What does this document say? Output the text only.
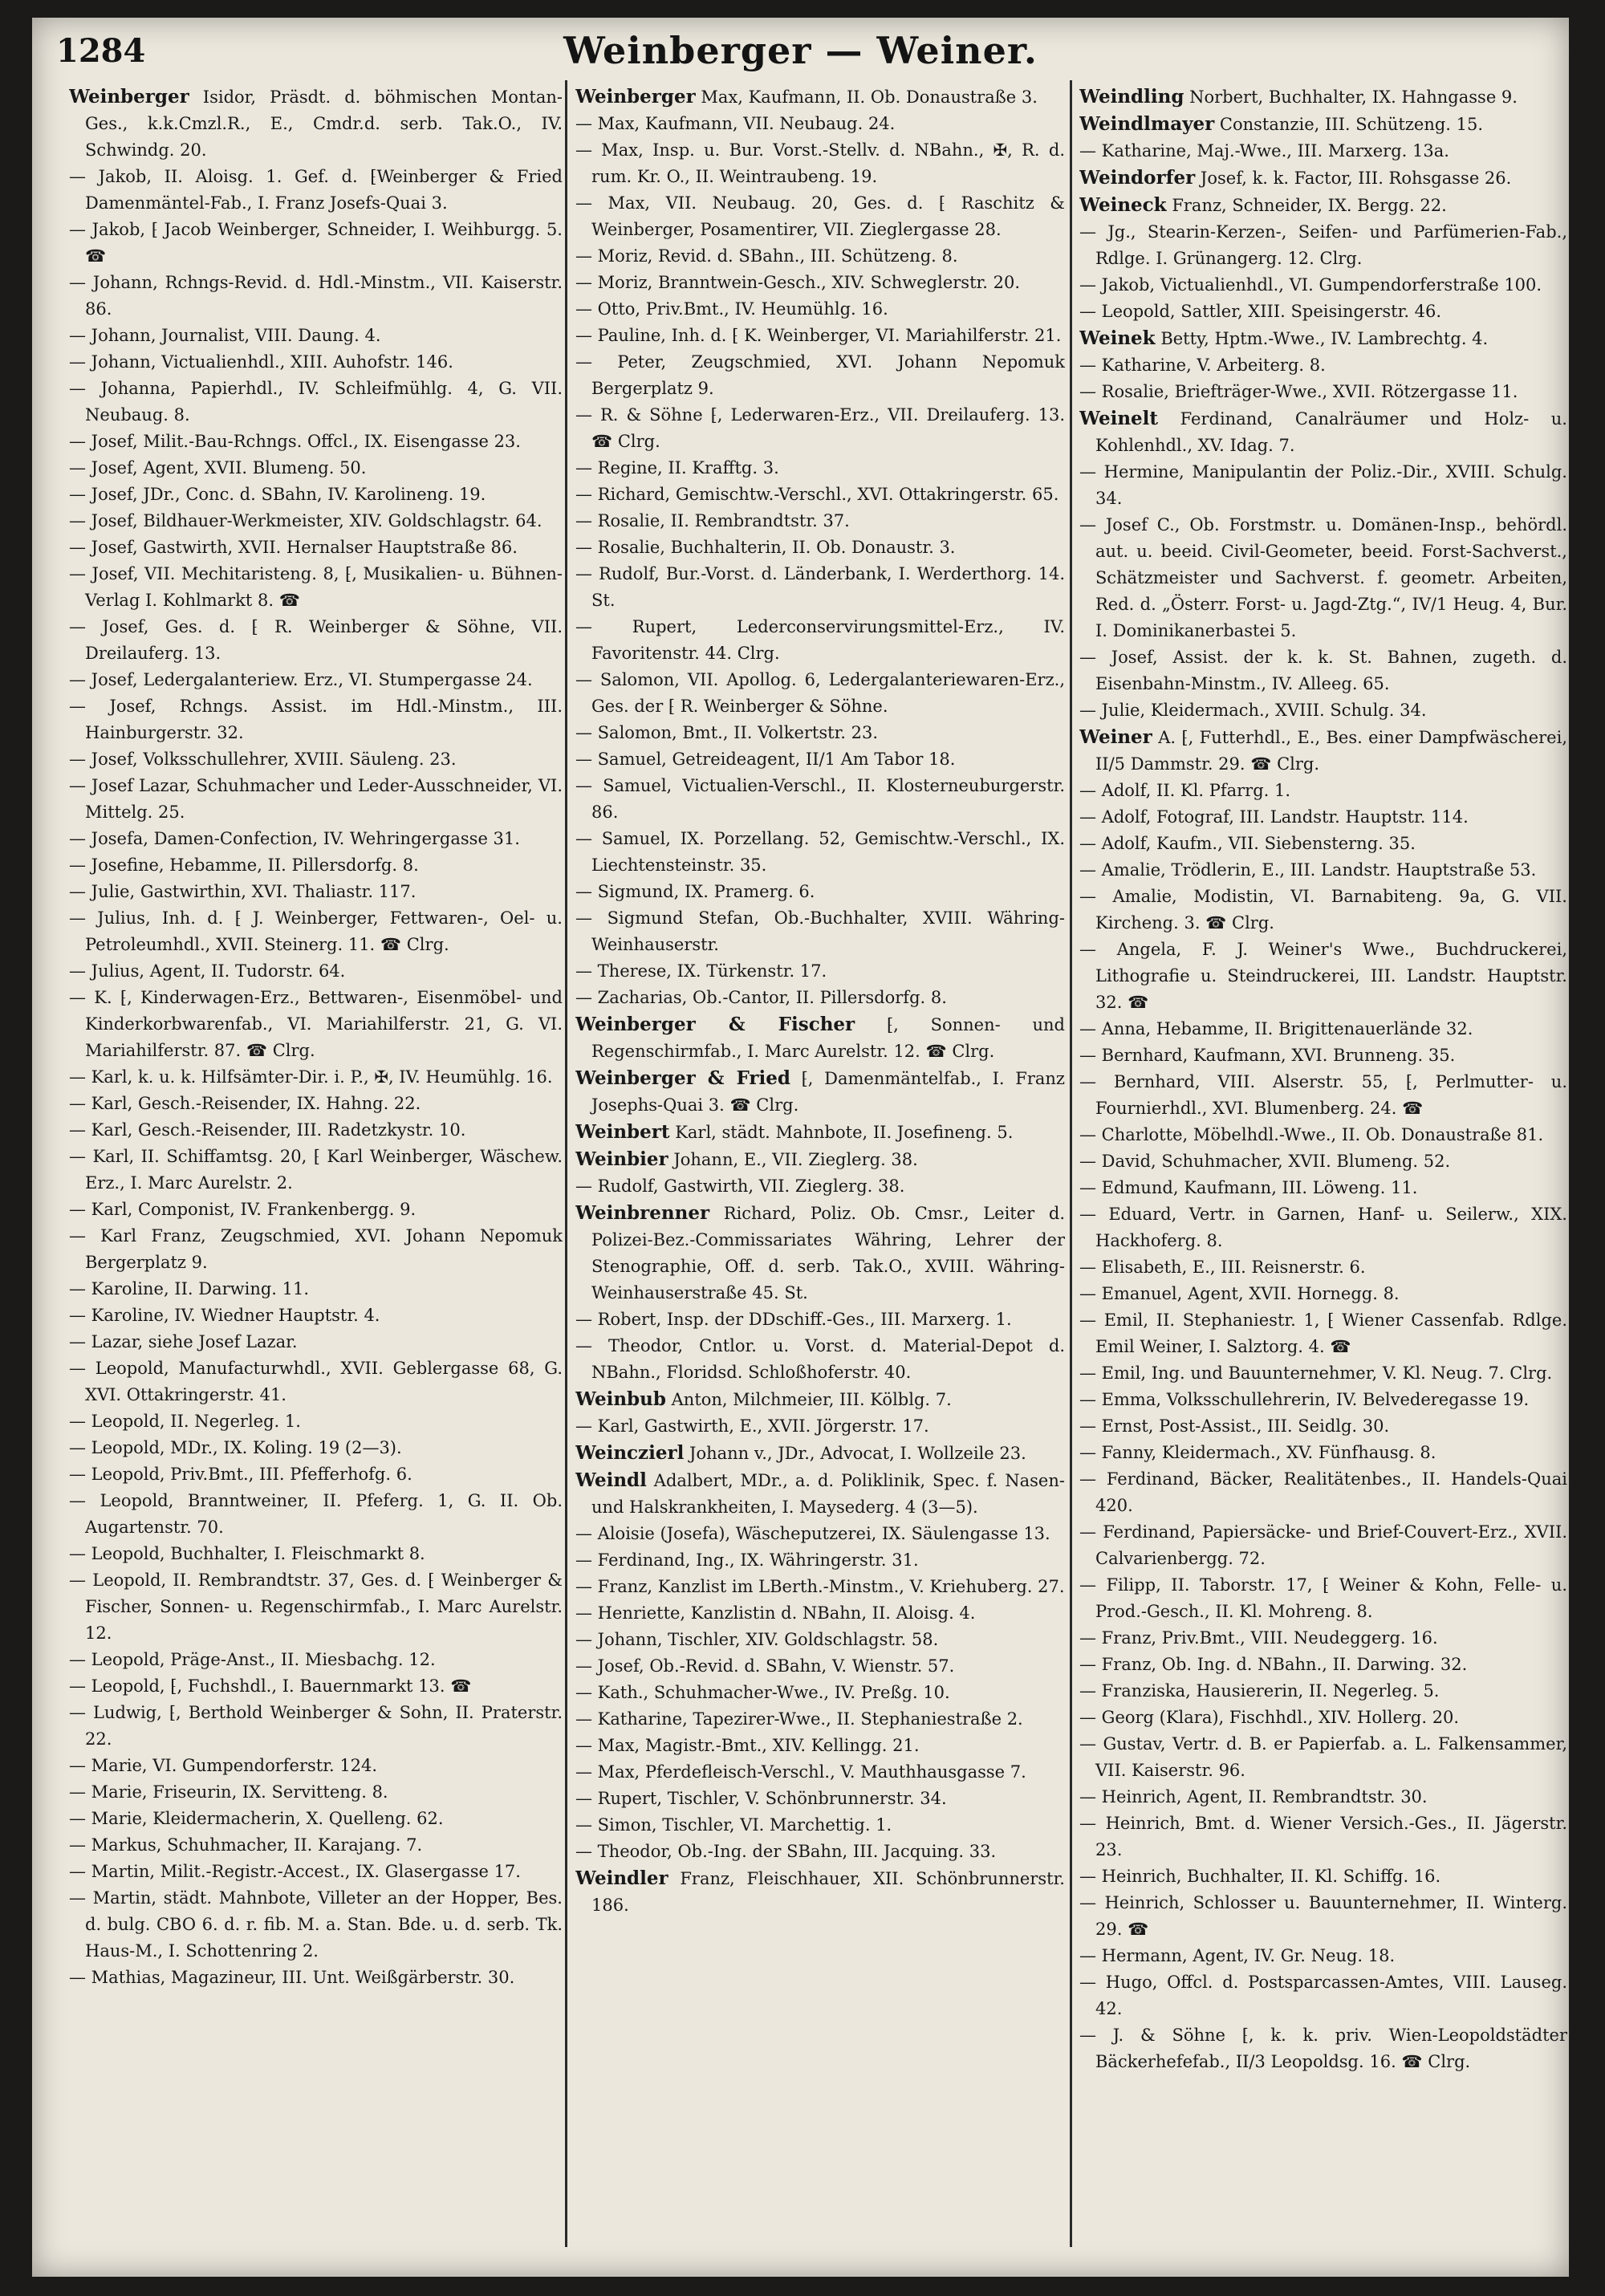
1284	Weinberger — Weiner.

Weinberger Isidor, Präsdt. d. böhmischen Montan-Ges., k.k.Cmzl.R., E., Cmdr.d. serb. Tak.O., IV. Schwindg. 20.

— Jakob, II. Aloisg. 1. Gef. d. ⁅Weinberger & Fried Damenmäntel-Fab., I. Franz Josefs-Quai 3.

— Jakob, ⁅ Jacob Weinberger, Schneider, I. Weihburgg. 5. ☎

— Johann, Rchngs-Revid. d. Hdl.-Minstm., VII. Kaiserstr. 86.

— Johann, Journalist, VIII. Daung. 4.

— Johann, Victualienhdl., XIII. Auhofstr. 146.

— Johanna, Papierhdl., IV. Schleifmühlg. 4, G. VII. Neubaug. 8.

— Josef, Milit.-Bau-Rchngs. Offcl., IX. Eisengasse 23.

— Josef, Agent, XVII. Blumeng. 50.

— Josef, JDr., Conc. d. SBahn, IV. Karolineng. 19.

— Josef, Bildhauer-Werkmeister, XIV. Goldschlagstr. 64.

— Josef, Gastwirth, XVII. Hernalser Hauptstraße 86.

— Josef, VII. Mechitaristeng. 8, ⁅, Musikalien- u. Bühnen-Verlag I. Kohlmarkt 8. ☎

— Josef, Ges. d. ⁅ R. Weinberger & Söhne, VII. Dreilauferg. 13.

— Josef, Ledergalanteriew. Erz., VI. Stumpergasse 24.

— Josef, Rchngs. Assist. im Hdl.-Minstm., III. Hainburgerstr. 32.

— Josef, Volksschullehrer, XVIII. Säuleng. 23.

— Josef Lazar, Schuhmacher und Leder-Ausschneider, VI. Mittelg. 25.

— Josefa, Damen-Confection, IV. Wehringergasse 31.

— Josefine, Hebamme, II. Pillersdorfg. 8.

— Julie, Gastwirthin, XVI. Thaliastr. 117.

— Julius, Inh. d. ⁅ J. Weinberger, Fettwaren-, Oel- u. Petroleumhdl., XVII. Steinerg. 11. ☎ Clrg.

— Julius, Agent, II. Tudorstr. 64.

— K. ⁅, Kinderwagen-Erz., Bettwaren-, Eisenmöbel- und Kinderkorbwarenfab., VI. Mariahilferstr. 21, G. VI. Mariahilferstr. 87. ☎ Clrg.

— Karl, k. u. k. Hilfsämter-Dir. i. P., ✠, IV. Heumühlg. 16.

— Karl, Gesch.-Reisender, IX. Hahng. 22.

— Karl, Gesch.-Reisender, III. Radetzkystr. 10.

— Karl, II. Schiffamtsg. 20, ⁅ Karl Weinberger, Wäschew. Erz., I. Marc Aurelstr. 2.

— Karl, Componist, IV. Frankenbergg. 9.

— Karl Franz, Zeugschmied, XVI. Johann Nepomuk Bergerplatz 9.

— Karoline, II. Darwing. 11.

— Karoline, IV. Wiedner Hauptstr. 4.

— Lazar, siehe Josef Lazar.

— Leopold, Manufacturwhdl., XVII. Geblergasse 68, G. XVI. Ottakringerstr. 41.

— Leopold, II. Negerleg. 1.

— Leopold, MDr., IX. Koling. 19 (2—3).

— Leopold, Priv.Bmt., III. Pfefferhofg. 6.

— Leopold, Branntweiner, II. Pfeferg. 1, G. II. Ob. Augartenstr. 70.

— Leopold, Buchhalter, I. Fleischmarkt 8.

— Leopold, II. Rembrandtstr. 37, Ges. d. ⁅ Weinberger & Fischer, Sonnen- u. Regenschirmfab., I. Marc Aurelstr. 12.

— Leopold, Präge-Anst., II. Miesbachg. 12.

— Leopold, ⁅, Fuchshdl., I. Bauernmarkt 13. ☎

— Ludwig, ⁅, Berthold Weinberger & Sohn, II. Praterstr. 22.

— Marie, VI. Gumpendorferstr. 124.

— Marie, Friseurin, IX. Servitteng. 8.

— Marie, Kleidermacherin, X. Quelleng. 62.

— Markus, Schuhmacher, II. Karajang. 7.

— Martin, Milit.-Registr.-Accest., IX. Glasergasse 17.

— Martin, städt. Mahnbote, Villeter an der Hopper, Bes. d. bulg. CBO 6. d. r. fib. M. a. Stan. Bde. u. d. serb. Tk. Haus-M., I. Schottenring 2.

— Mathias, Magazineur, III. Unt. Weißgärberstr. 30.

Weinberger Max, Kaufmann, II. Ob. Donaustraße 3.

— Max, Kaufmann, VII. Neubaug. 24.

— Max, Insp. u. Bur. Vorst.-Stellv. d. NBahn., ✠, R. d. rum. Kr. O., II. Weintraubeng. 19.

— Max, VII. Neubaug. 20, Ges. d. ⁅ Raschitz & Weinberger, Posamentirer, VII. Zieglergasse 28.

— Moriz, Revid. d. SBahn., III. Schützeng. 8.

— Moriz, Branntwein-Gesch., XIV. Schweglerstr. 20.

— Otto, Priv.Bmt., IV. Heumühlg. 16.

— Pauline, Inh. d. ⁅ K. Weinberger, VI. Mariahilferstr. 21.

— Peter, Zeugschmied, XVI. Johann Nepomuk Bergerplatz 9.

— R. & Söhne ⁅, Lederwaren-Erz., VII. Dreilauferg. 13. ☎ Clrg.

— Regine, II. Krafftg. 3.

— Richard, Gemischtw.-Verschl., XVI. Ottakringerstr. 65.

— Rosalie, II. Rembrandtstr. 37.

— Rosalie, Buchhalterin, II. Ob. Donaustr. 3.

— Rudolf, Bur.-Vorst. d. Länderbank, I. Werderthorg. 14. St.

— Rupert, Lederconservirungsmittel-Erz., IV. Favoritenstr. 44. Clrg.

— Salomon, VII. Apollog. 6, Ledergalanteriewaren-Erz., Ges. der ⁅ R. Weinberger & Söhne.

— Salomon, Bmt., II. Volkertstr. 23.

— Samuel, Getreideagent, II/1 Am Tabor 18.

— Samuel, Victualien-Verschl., II. Klosterneuburgerstr. 86.

— Samuel, IX. Porzellang. 52, Gemischtw.-Verschl., IX. Liechtensteinstr. 35.

— Sigmund, IX. Pramerg. 6.

— Sigmund Stefan, Ob.-Buchhalter, XVIII. Währing-Weinhauserstr.

— Therese, IX. Türkenstr. 17.

— Zacharias, Ob.-Cantor, II. Pillersdorfg. 8.

Weinberger & Fischer ⁅, Sonnen- und Regenschirmfab., I. Marc Aurelstr. 12. ☎ Clrg.

Weinberger & Fried ⁅, Damenmäntelfab., I. Franz Josephs-Quai 3. ☎ Clrg.

Weinbert Karl, städt. Mahnbote, II. Josefineng. 5.

Weinbier Johann, E., VII. Zieglerg. 38.

— Rudolf, Gastwirth, VII. Zieglerg. 38.

Weinbrenner Richard, Poliz. Ob. Cmsr., Leiter d. Polizei-Bez.-Commissariates Währing, Lehrer der Stenographie, Off. d. serb. Tak.O., XVIII. Währing-Weinhauserstraße 45. St.

— Robert, Insp. der DDschiff.-Ges., III. Marxerg. 1.

— Theodor, Cntlor. u. Vorst. d. Material-Depot d. NBahn., Floridsd. Schloßhoferstr. 40.

Weinbub Anton, Milchmeier, III. Kölblg. 7.

— Karl, Gastwirth, E., XVII. Jörgerstr. 17.

Weinczierl Johann v., JDr., Advocat, I. Wollzeile 23.

Weindl Adalbert, MDr., a. d. Poliklinik, Spec. f. Nasen- und Halskrankheiten, I. Maysederg. 4 (3—5).

— Aloisie (Josefa), Wäscheputzerei, IX. Säulengasse 13.

— Ferdinand, Ing., IX. Währingerstr. 31.

— Franz, Kanzlist im LBerth.-Minstm., V. Kriehuberg. 27.

— Henriette, Kanzlistin d. NBahn, II. Aloisg. 4.

— Johann, Tischler, XIV. Goldschlagstr. 58.

— Josef, Ob.-Revid. d. SBahn, V. Wienstr. 57.

— Kath., Schuhmacher-Wwe., IV. Preßg. 10.

— Katharine, Tapezirer-Wwe., II. Stephaniestraße 2.

— Max, Magistr.-Bmt., XIV. Kellingg. 21.

— Max, Pferdefleisch-Verschl., V. Mauthhausgasse 7.

— Rupert, Tischler, V. Schönbrunnerstr. 34.

— Simon, Tischler, VI. Marchettig. 1.

— Theodor, Ob.-Ing. der SBahn, III. Jacquing. 33.

Weindler Franz, Fleischhauer, XII. Schönbrunnerstr. 186.

Weindling Norbert, Buchhalter, IX. Hahngasse 9.

Weindlmayer Constanzie, III. Schützeng. 15.

— Katharine, Maj.-Wwe., III. Marxerg. 13a.

Weindorfer Josef, k. k. Factor, III. Rohsgasse 26.

Weineck Franz, Schneider, IX. Bergg. 22.

— Jg., Stearin-Kerzen-, Seifen- und Parfümerien-Fab., Rdlge. I. Grünangerg. 12. Clrg.

— Jakob, Victualienhdl., VI. Gumpendorferstraße 100.

— Leopold, Sattler, XIII. Speisingerstr. 46.

Weinek Betty, Hptm.-Wwe., IV. Lambrechtg. 4.

— Katharine, V. Arbeiterg. 8.

— Rosalie, Briefträger-Wwe., XVII. Rötzergasse 11.

Weinelt Ferdinand, Canalräumer und Holz- u. Kohlenhdl., XV. Idag. 7.

— Hermine, Manipulantin der Poliz.-Dir., XVIII. Schulg. 34.

— Josef C., Ob. Forstmstr. u. Domänen-Insp., behördl. aut. u. beeid. Civil-Geometer, beeid. Forst-Sachverst., Schätzmeister und Sachverst. f. geometr. Arbeiten, Red. d. „Österr. Forst- u. Jagd-Ztg.“, IV/1 Heug. 4, Bur. I. Dominikanerbastei 5.

— Josef, Assist. der k. k. St. Bahnen, zugeth. d. Eisenbahn-Minstm., IV. Alleeg. 65.

— Julie, Kleidermach., XVIII. Schulg. 34.

Weiner A. ⁅, Futterhdl., E., Bes. einer Dampfwäscherei, II/5 Dammstr. 29. ☎ Clrg.

— Adolf, II. Kl. Pfarrg. 1.

— Adolf, Fotograf, III. Landstr. Hauptstr. 114.

— Adolf, Kaufm., VII. Siebensterng. 35.

— Amalie, Trödlerin, E., III. Landstr. Hauptstraße 53.

— Amalie, Modistin, VI. Barnabiteng. 9a, G. VII. Kircheng. 3. ☎ Clrg.

— Angela, F. J. Weiner's Wwe., Buchdruckerei, Lithografie u. Steindruckerei, III. Landstr. Hauptstr. 32. ☎

— Anna, Hebamme, II. Brigittenauerlände 32.

— Bernhard, Kaufmann, XVI. Brunneng. 35.

— Bernhard, VIII. Alserstr. 55, ⁅, Perlmutter- u. Fournierhdl., XVI. Blumenberg. 24. ☎

— Charlotte, Möbelhdl.-Wwe., II. Ob. Donaustraße 81.

— David, Schuhmacher, XVII. Blumeng. 52.

— Edmund, Kaufmann, III. Löweng. 11.

— Eduard, Vertr. in Garnen, Hanf- u. Seilerw., XIX. Hackhoferg. 8.

— Elisabeth, E., III. Reisnerstr. 6.

— Emanuel, Agent, XVII. Hornegg. 8.

— Emil, II. Stephaniestr. 1, ⁅ Wiener Cassenfab. Rdlge. Emil Weiner, I. Salztorg. 4. ☎

— Emil, Ing. und Bauunternehmer, V. Kl. Neug. 7. Clrg.

— Emma, Volksschullehrerin, IV. Belvederegasse 19.

— Ernst, Post-Assist., III. Seidlg. 30.

— Fanny, Kleidermach., XV. Fünfhausg. 8.

— Ferdinand, Bäcker, Realitätenbes., II. Handels-Quai 420.

— Ferdinand, Papiersäcke- und Brief-Couvert-Erz., XVII. Calvarienbergg. 72.

— Filipp, II. Taborstr. 17, ⁅ Weiner & Kohn, Felle- u. Prod.-Gesch., II. Kl. Mohreng. 8.

— Franz, Priv.Bmt., VIII. Neudeggerg. 16.

— Franz, Ob. Ing. d. NBahn., II. Darwing. 32.

— Franziska, Hausiererin, II. Negerleg. 5.

— Georg (Klara), Fischhdl., XIV. Hollerg. 20.

— Gustav, Vertr. d. B. er Papierfab. a. L. Falkensammer, VII. Kaiserstr. 96.

— Heinrich, Agent, II. Rembrandtstr. 30.

— Heinrich, Bmt. d. Wiener Versich.-Ges., II. Jägerstr. 23.

— Heinrich, Buchhalter, II. Kl. Schiffg. 16.

— Heinrich, Schlosser u. Bauunternehmer, II. Winterg. 29. ☎

— Hermann, Agent, IV. Gr. Neug. 18.

— Hugo, Offcl. d. Postsparcassen-Amtes, VIII. Lauseg. 42.

— J. & Söhne ⁅, k. k. priv. Wien-Leopoldstädter Bäckerhefefab., II/3 Leopoldsg. 16. ☎ Clrg.
